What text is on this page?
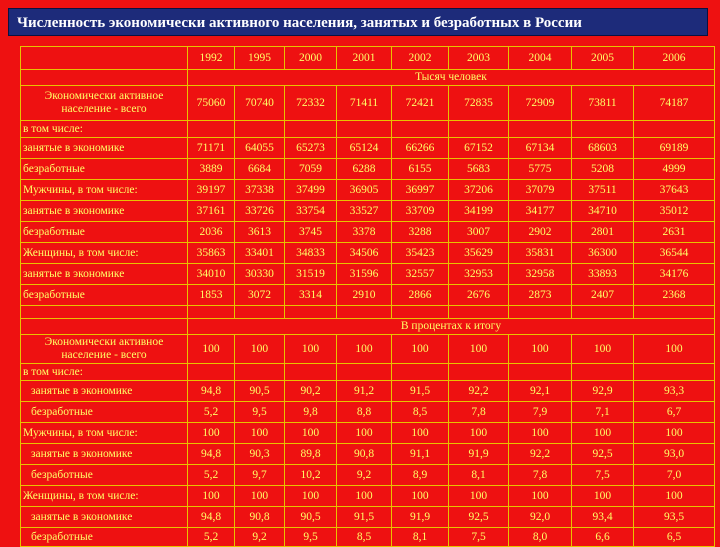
Численность экономически активного населения, занятых и безработных в России
	1992	1995	2000	2001	2002	2003	2004	2005	2006
	Тысяч человек								
Экономически активное население - всего	75060	70740	72332	71411	72421	72835	72909	73811	74187
в том числе:									
занятые в экономике	71171	64055	65273	65124	66266	67152	67134	68603	69189
безработные	3889	6684	7059	6288	6155	5683	5775	5208	4999
Мужчины, в том числе:	39197	37338	37499	36905	36997	37206	37079	37511	37643
занятые в экономике	37161	33726	33754	33527	33709	34199	34177	34710	35012
безработные	2036	3613	3745	3378	3288	3007	2902	2801	2631
Женщины, в том числе:	35863	33401	34833	34506	35423	35629	35831	36300	36544
занятые в экономике	34010	30330	31519	31596	32557	32953	32958	33893	34176
безработные	1853	3072	3314	2910	2866	2676	2873	2407	2368

	В процентах к итогу								
Экономически активное население - всего	100	100	100	100	100	100	100	100	100
в том числе:									
занятые в экономике	94,8	90,5	90,2	91,2	91,5	92,2	92,1	92,9	93,3
безработные	5,2	9,5	9,8	8,8	8,5	7,8	7,9	7,1	6,7
Мужчины, в том числе:	100	100	100	100	100	100	100	100	100
занятые в экономике	94,8	90,3	89,8	90,8	91,1	91,9	92,2	92,5	93,0
безработные	5,2	9,7	10,2	9,2	8,9	8,1	7,8	7,5	7,0
Женщины, в том числе:	100	100	100	100	100	100	100	100	100
занятые в экономике	94,8	90,8	90,5	91,5	91,9	92,5	92,0	93,4	93,5
безработные	5,2	9,2	9,5	8,5	8,1	7,5	8,0	6,6	6,5
